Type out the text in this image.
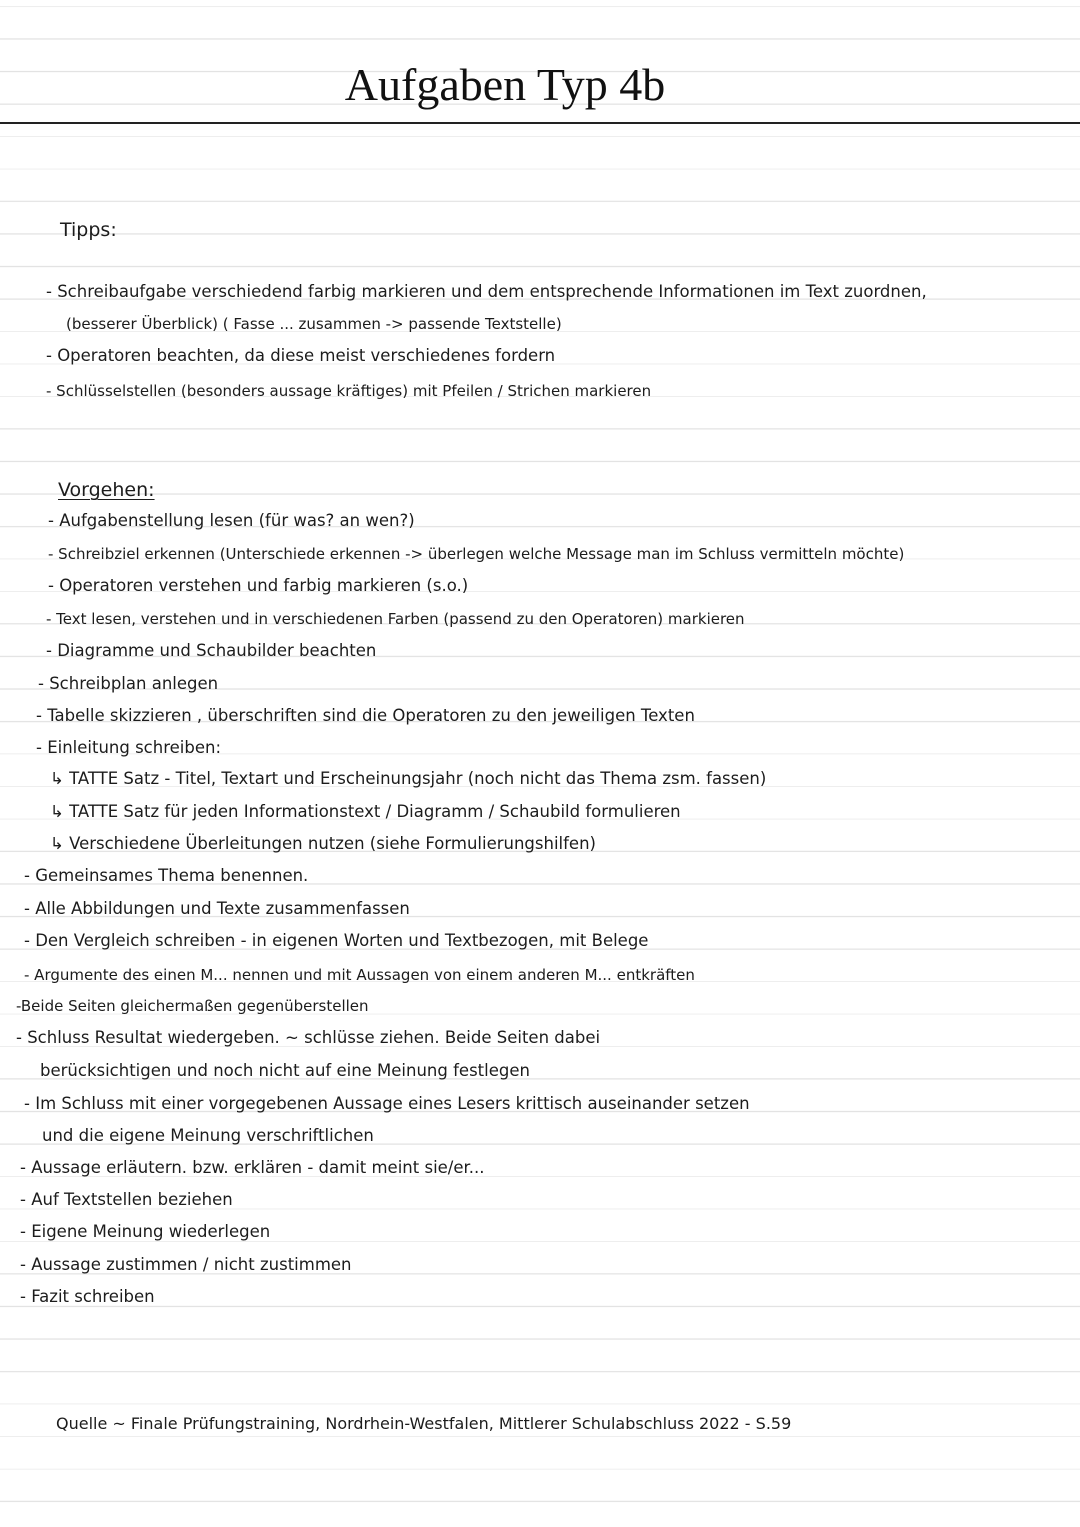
Aufgaben Typ 4b
Tipps:
- Schreibaufgabe verschiedend farbig markieren und dem entsprechende Informationen im Text zuordnen,
(besserer Überblick) ( Fasse ... zusammen -> passende Textstelle)
- Operatoren beachten, da diese meist verschiedenes fordern
- Schlüsselstellen (besonders aussage kräftiges) mit Pfeilen / Strichen markieren
Vorgehen:
- Aufgabenstellung lesen (für was? an wen?)
- Schreibziel erkennen (Unterschiede erkennen -> überlegen welche Message man im Schluss vermitteln möchte)
- Operatoren verstehen und farbig markieren (s.o.)
- Text lesen, verstehen und in verschiedenen Farben (passend zu den Operatoren) markieren
- Diagramme und Schaubilder beachten
- Schreibplan anlegen
- Tabelle skizzieren , überschriften sind die Operatoren zu den jeweiligen Texten
- Einleitung schreiben:
↳ TATTE Satz - Titel, Textart und Erscheinungsjahr (noch nicht das Thema zsm. fassen)
↳ TATTE Satz für jeden Informationstext / Diagramm / Schaubild formulieren
↳ Verschiedene Überleitungen nutzen (siehe Formulierungshilfen)
- Gemeinsames Thema benennen.
- Alle Abbildungen und Texte zusammenfassen
- Den Vergleich schreiben - in eigenen Worten und Textbezogen, mit Belege
- Argumente des einen M... nennen und mit Aussagen von einem anderen M... entkräften
-Beide Seiten gleichermaßen gegenüberstellen
- Schluss Resultat wiedergeben. ~ schlüsse ziehen. Beide Seiten dabei
berücksichtigen und noch nicht auf eine Meinung festlegen
- Im Schluss mit einer vorgegebenen Aussage eines Lesers krittisch auseinander setzen
und die eigene Meinung verschriftlichen
- Aussage erläutern. bzw. erklären - damit meint sie/er...
- Auf Textstellen beziehen
- Eigene Meinung wiederlegen
- Aussage zustimmen / nicht zustimmen
- Fazit schreiben
Quelle ~ Finale Prüfungstraining, Nordrhein-Westfalen, Mittlerer Schulabschluss 2022 - S.59
